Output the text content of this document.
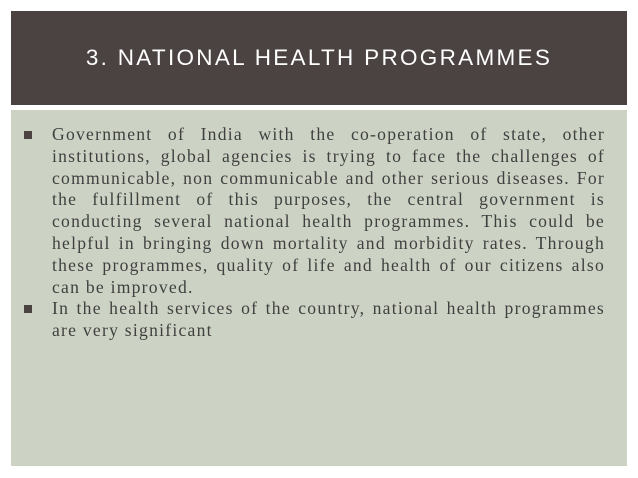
3. NATIONAL HEALTH PROGRAMMES
Government of India with the co-operation of state, other institutions, global agencies is trying to face the challenges of communicable, non communicable and other serious diseases. For the fulfillment of this purposes, the central government is conducting several national health programmes. This could be helpful in bringing down mortality and morbidity rates. Through these programmes, quality of life and health of our citizens also can be improved.
In the health services of the country, national health programmes are very significant
